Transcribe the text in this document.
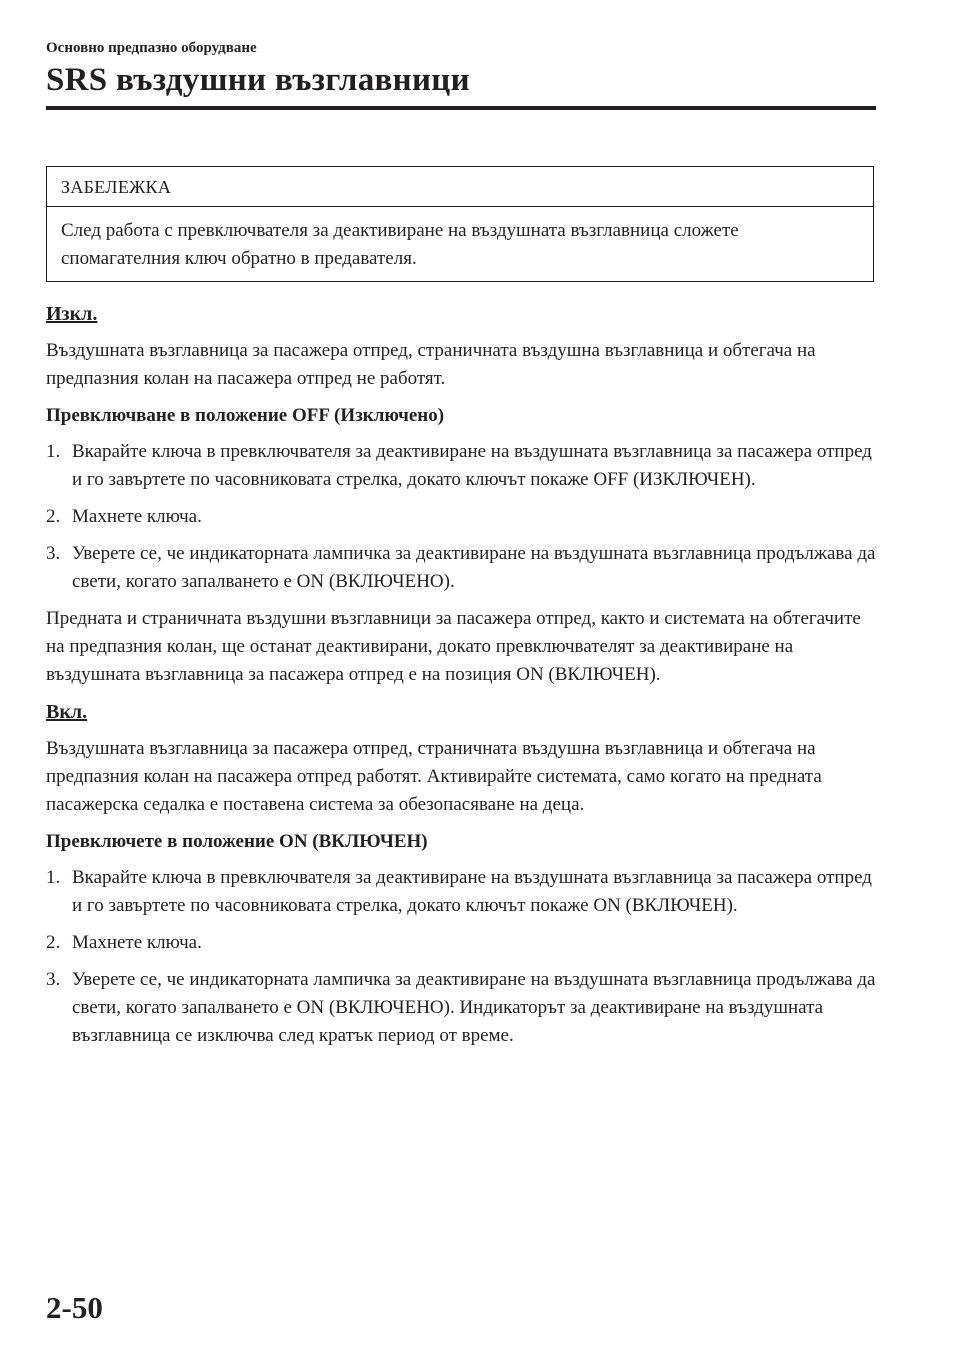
Основно предпазно оборудване
SRS въздушни възглавници
ЗАБЕЛЕЖКА
След работа с превключвателя за деактивиране на въздушната възглавница сложете спомагателния ключ обратно в предавателя.
Изкл.

Въздушната възглавница за пасажера отпред, страничната въздушна възглавница и обтегача на предпазния колан на пасажера отпред не работят.

Превключване в положение OFF (Изключено)
1. Вкарайте ключа в превключвателя за деактивиране на въздушната възглавница за пасажера отпред и го завъртете по часовниковата стрелка, докато ключът покаже OFF (ИЗКЛЮЧЕН).
2. Махнете ключа.
3. Уверете се, че индикаторната лампичка за деактивиране на въздушната възглавница продължава да свети, когато запалването е ON (ВКЛЮЧЕНО).

Предната и страничната въздушни възглавници за пасажера отпред, както и системата на обтегачите на предпазния колан, ще останат деактивирани, докато превключвателят за деактивиране на въздушната възглавница за пасажера отпред е на позиция ON (ВКЛЮЧЕН).

Вкл.

Въздушната възглавница за пасажера отпред, страничната въздушна възглавница и обтегача на предпазния колан на пасажера отпред работят. Активирайте системата, само когато на предната пасажерска седалка е поставена система за обезопасяване на деца.

Превключете в положение ON (ВКЛЮЧЕН)
1. Вкарайте ключа в превключвателя за деактивиране на въздушната възглавница за пасажера отпред и го завъртете по часовниковата стрелка, докато ключът покаже ON (ВКЛЮЧЕН).
2. Махнете ключа.
3. Уверете се, че индикаторната лампичка за деактивиране на въздушната възглавница продължава да свети, когато запалването е ON (ВКЛЮЧЕНО). Индикаторът за деактивиране на въздушната възглавница се изключва след кратък период от време.
2-50
